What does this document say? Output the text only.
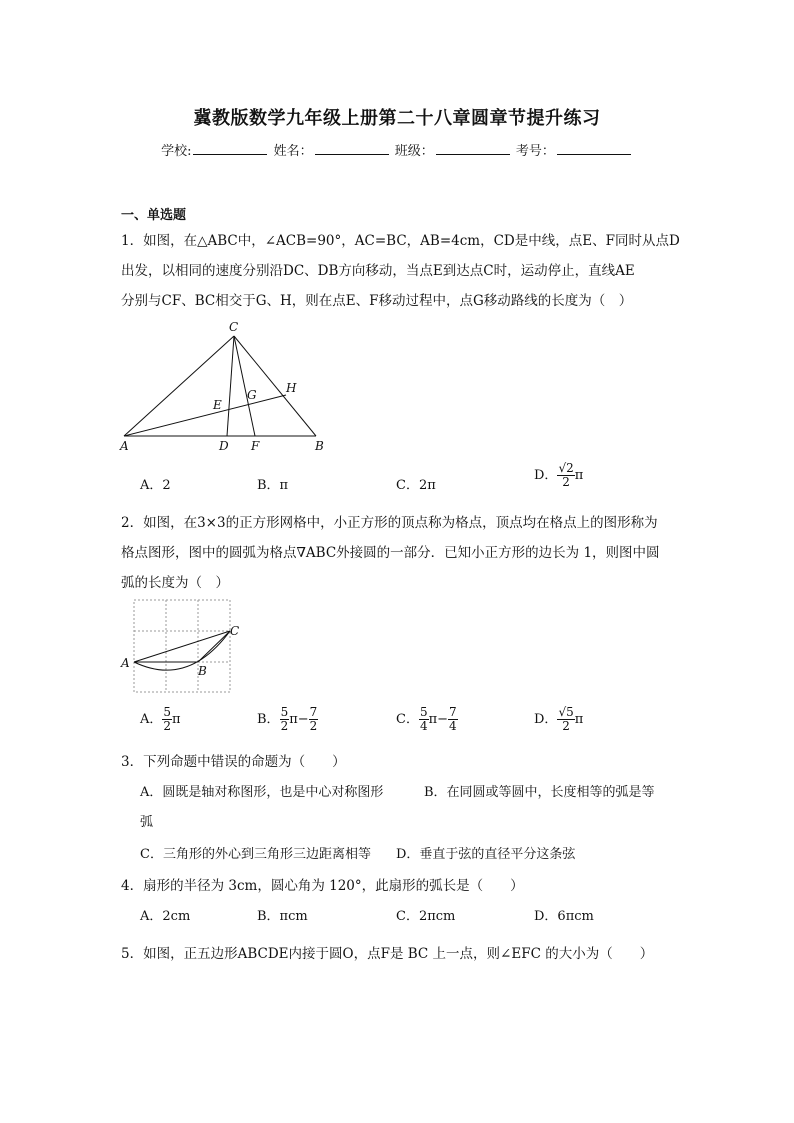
冀教版数学九年级上册第二十八章圆章节提升练习
学校:	姓名：	班级：	考号：
一、单选题
1．如图，在△ABC中，∠ACB=90°，AC=BC，AB=4cm，CD是中线，点E、F同时从点D
出发，以相同的速度分别沿DC、DB方向移动，当点E到达点C时，运动停止，直线AE
分别与CF、BC相交于G、H，则在点E、F移动过程中，点G移动路线的长度为（　）
C
G H
E
A	D F	B
A．2	B．π	C．2π
D． $\frac{√2}{2}$ π
2．如图，在3×3的正方形网格中，小正方形的顶点称为格点，顶点均在格点上的图形称为
格点图形，图中的圆弧为格点∇ABC外接圆的一部分．已知小正方形的边长为 1，则图中圆
弧的长度为（　）
A
B
C
A． $\frac{5}{2}$ π	B． $\frac{5}{2} \pi- \frac{7}{2}$	C． $\frac{5}{4} \pi- \frac{7}{4}$	D． $\frac{√5}{2}$ π
3．下列命题中错误的命题为（　　）
A．圆既是轴对称图形，也是中心对称图形	B．在同圆或等圆中，长度相等的弧是等
弧
C．三角形的外心到三角形三边距离相等 D．垂直于弦的直径平分这条弦
4．扇形的半径为 3cm，圆心角为 120°，此扇形的弧长是（　　）
A．2cm	B．πcm	C．2πcm	D．6πcm
5．如图，正五边形ABCDE内接于圆O，点F是 BC 上一点，则∠EFC 的大小为（　　）
